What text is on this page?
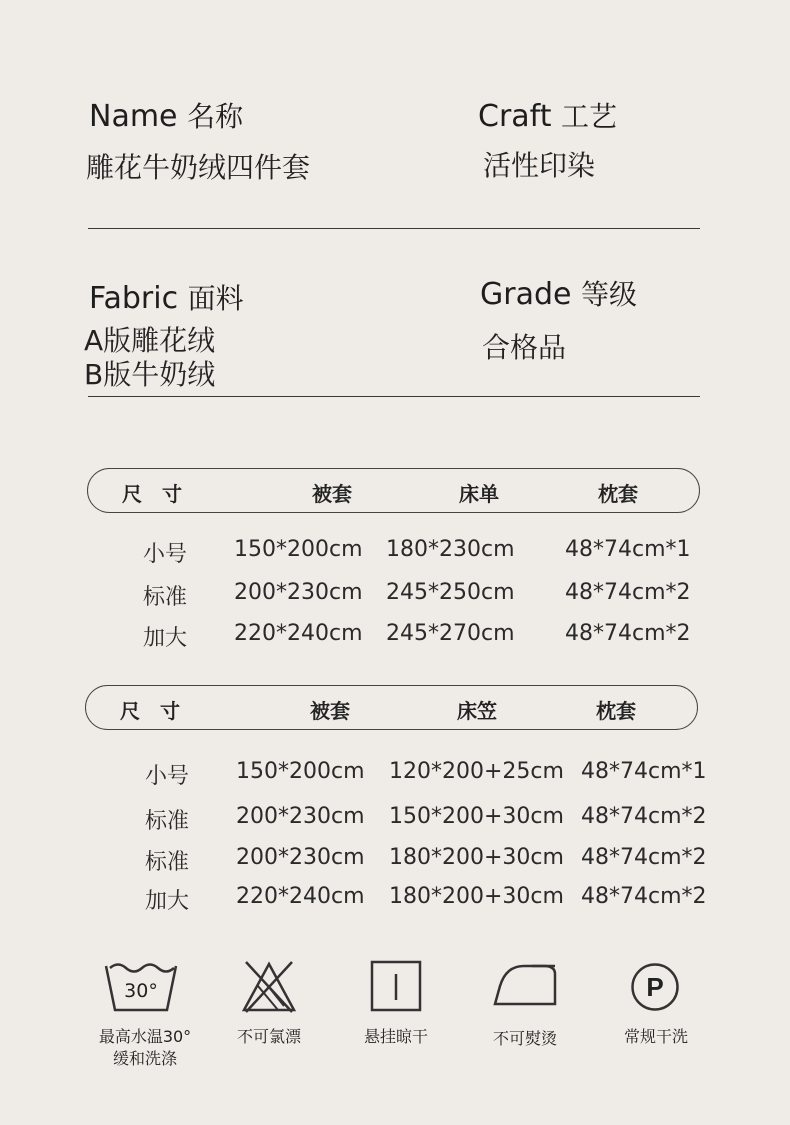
Name 名称
雕花牛奶绒四件套
Craft 工艺
活性印染
Fabric 面料
A版雕花绒
B版牛奶绒
Grade 等级
合格品
尺　寸	被套	床单	枕套
小号 150*200cm 180*230cm 48*74cm*1
标准 200*230cm 245*250cm 48*74cm*2
加大 220*240cm 245*270cm 48*74cm*2
尺　寸	被套	床笠	枕套
小号 150*200cm 120*200+25cm 48*74cm*1
标准 200*230cm 150*200+30cm 48*74cm*2
标准 200*230cm 180*200+30cm 48*74cm*2
加大 220*240cm 180*200+30cm 48*74cm*2
30°
最高水温30°
缓和洗涤
不可氯漂	悬挂晾干	不可熨烫
P
常规干洗
